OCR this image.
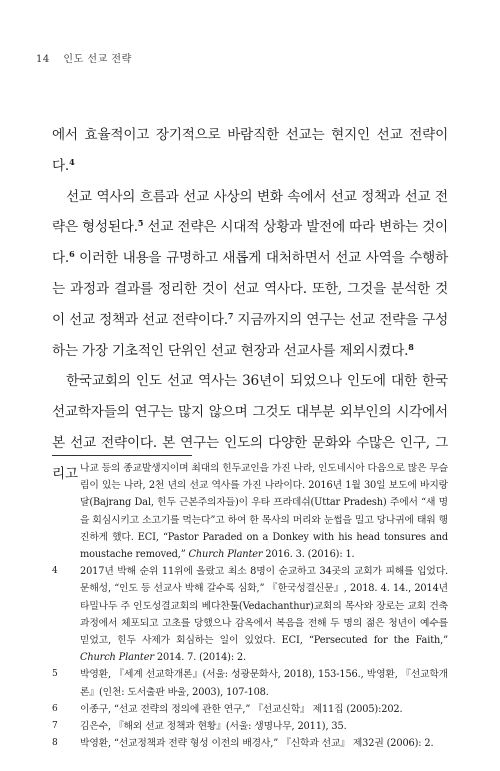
14 인도 선교 전략

에서 효율적이고 장기적으로 바람직한 선교는 현지인 선교 전략이다.$^4$

선교 역사의 흐름과 선교 사상의 변화 속에서 선교 정책과 선교 전략은 형성된다.$^5$ 선교 전략은 시대적 상황과 발전에 따라 변하는 것이다.$^6$ 이러한 내용을 규명하고 새롭게 대처하면서 선교 사역을 수행하는 과정과 결과를 정리한 것이 선교 역사다. 또한, 그것을 분석한 것이 선교 정책과 선교 전략이다.$^7$ 지금까지의 연구는 선교 전략을 구성하는 가장 기초적인 단위인 선교 현장과 선교사를 제외시켰다.$^8$

한국교회의 인도 선교 역사는 36년이 되었으나 인도에 대한 한국 선교학자들의 연구는 많지 않으며 그것도 대부분 외부인의 시각에서 본 선교 전략이다. 본 연구는 인도의 다양한 문화와 수많은 인구, 그리고 나교 등의 종교발생지이며 최대의 힌두교인을 가진 나라, 인도네시아 다음으로 많은 무슬림이 있는 나라, 2천 년의 선교 역사를 가진 나라이다. 2016년 1월 30일 보도에 바지랑 달(Bajrang Dal, 힌두 근본주의자들)이 우타 프라데쉬(Uttar Pradesh) 주에서 “새 명을 회심시키고 소고기를 먹는다”고 하여 한 목사의 머리와 눈썹을 밀고 당나귀에 태워 행진하게 했다. ECI, “Pastor Paraded on a Donkey with his head tonsures and moustache removed,” Church Planter 2016. 3. (2016): 1.

4 2017년 박해 순위 11위에 올랐고 최소 8명이 순교하고 34곳의 교회가 피해를 입었다. 문해성, “인도 등 선교사 박해 갈수록 심화,” 『한국성결신문』, 2018. 4. 14., 2014년 타밀나두 주 인도성결교회의 베다찬툴(Vedachanthur)교회의 목사와 장로는 교회 건축과정에서 체포되고 고초를 당했으나 감옥에서 복음을 전해 두 명의 젊은 청년이 예수를 믿었고, 힌두 사제가 회심하는 일이 있었다. ECI, “Persecuted for the Faith,” Church Planter 2014. 7. (2014): 2.

5 박영환, 『세계 선교학개론』(서울: 성광문화사, 2018), 153-156., 박영환, 『선교학개론』(인천: 도서출판 바울, 2003), 107-108.

6 이종구, “선교 전략의 정의에 관한 연구,” 『선교신학』 제11집 (2005):202.

7 김은수, 『해외 선교 정책과 현황』(서울: 생명나무, 2011), 35.

8 박영환, “선교정책과 전략 형성 이전의 배경사,” 『신학과 선교』 제32권 (2006): 2.
